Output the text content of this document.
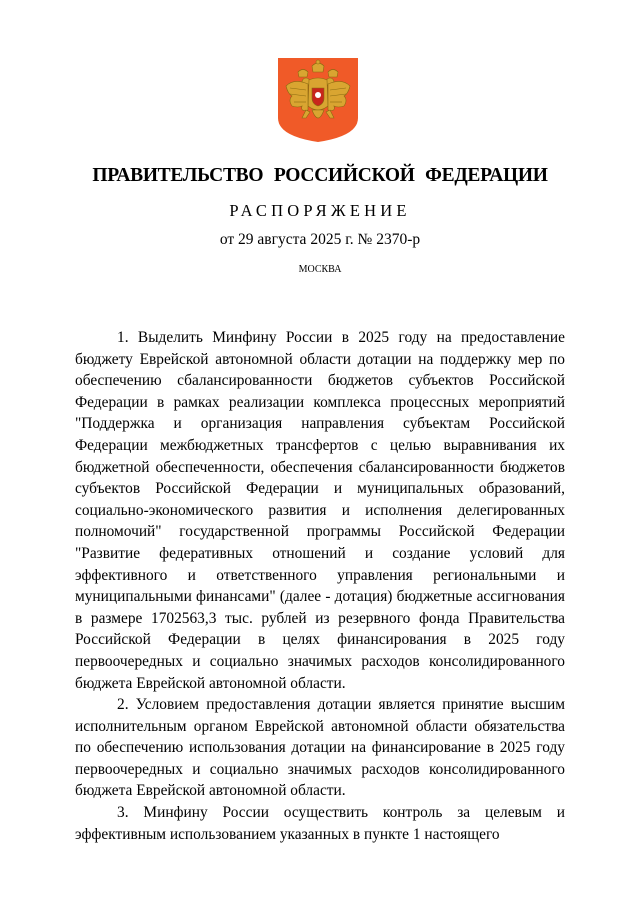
ПРАВИТЕЛЬСТВО РОССИЙСКОЙ ФЕДЕРАЦИИ
РАСПОРЯЖЕНИЕ
от 29 августа 2025 г. № 2370-р
МОСКВА

1. Выделить Минфину России в 2025 году на предоставление бюджету Еврейской автономной области дотации на поддержку мер по обеспечению сбалансированности бюджетов субъектов Российской Федерации в рамках реализации комплекса процессных мероприятий "Поддержка и организация направления субъектам Российской Федерации межбюджетных трансфертов с целью выравнивания их бюджетной обеспеченности, обеспечения сбалансированности бюджетов субъектов Российской Федерации и муниципальных образований, социально-экономического развития и исполнения делегированных полномочий" государственной программы Российской Федерации "Развитие федеративных отношений и создание условий для эффективного и ответственного управления региональными и муниципальными финансами" (далее - дотация) бюджетные ассигнования в размере 1702563,3 тыс. рублей из резервного фонда Правительства Российской Федерации в целях финансирования в 2025 году первоочередных и социально значимых расходов консолидированного бюджета Еврейской автономной области.

2. Условием предоставления дотации является принятие высшим исполнительным органом Еврейской автономной области обязательства по обеспечению использования дотации на финансирование в 2025 году первоочередных и социально значимых расходов консолидированного бюджета Еврейской автономной области.

3. Минфину России осуществить контроль за целевым и эффективным использованием указанных в пункте 1 настоящего
